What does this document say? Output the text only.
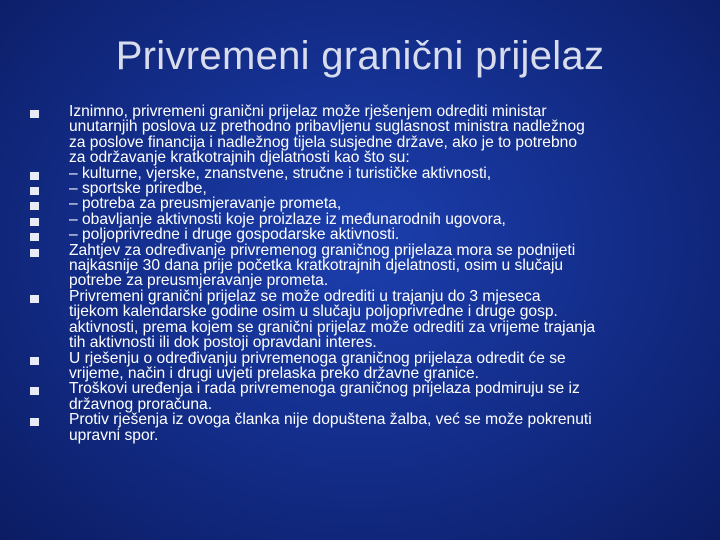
Privremeni granični prijelaz
Iznimno, privremeni granični prijelaz može rješenjem odrediti ministar
unutarnjih poslova uz prethodno pribavljenu suglasnost ministra nadležnog
za poslove financija i nadležnog tijela susjedne države, ako je to potrebno
za održavanje kratkotrajnih djelatnosti kao što su:
– kulturne, vjerske, znanstvene, stručne i turističke aktivnosti,
– sportske priredbe,
– potreba za preusmjeravanje prometa,
– obavljanje aktivnosti koje proizlaze iz međunarodnih ugovora,
– poljoprivredne i druge gospodarske aktivnosti.
Zahtjev za određivanje privremenog graničnog prijelaza mora se podnijeti
najkasnije 30 dana prije početka kratkotrajnih djelatnosti, osim u slučaju
potrebe za preusmjeravanje prometa.
Privremeni granični prijelaz se može odrediti u trajanju do 3 mjeseca
tijekom kalendarske godine osim u slučaju poljoprivredne i druge gosp.
aktivnosti, prema kojem se granični prijelaz može odrediti za vrijeme trajanja
tih aktivnosti ili dok postoji opravdani interes.
U rješenju o određivanju privremenoga graničnog prijelaza odredit će se
vrijeme, način i drugi uvjeti prelaska preko državne granice.
Troškovi uređenja i rada privremenoga graničnog prijelaza podmiruju se iz
državnog proračuna.
Protiv rješenja iz ovoga članka nije dopuštena žalba, već se može pokrenuti
upravni spor.
